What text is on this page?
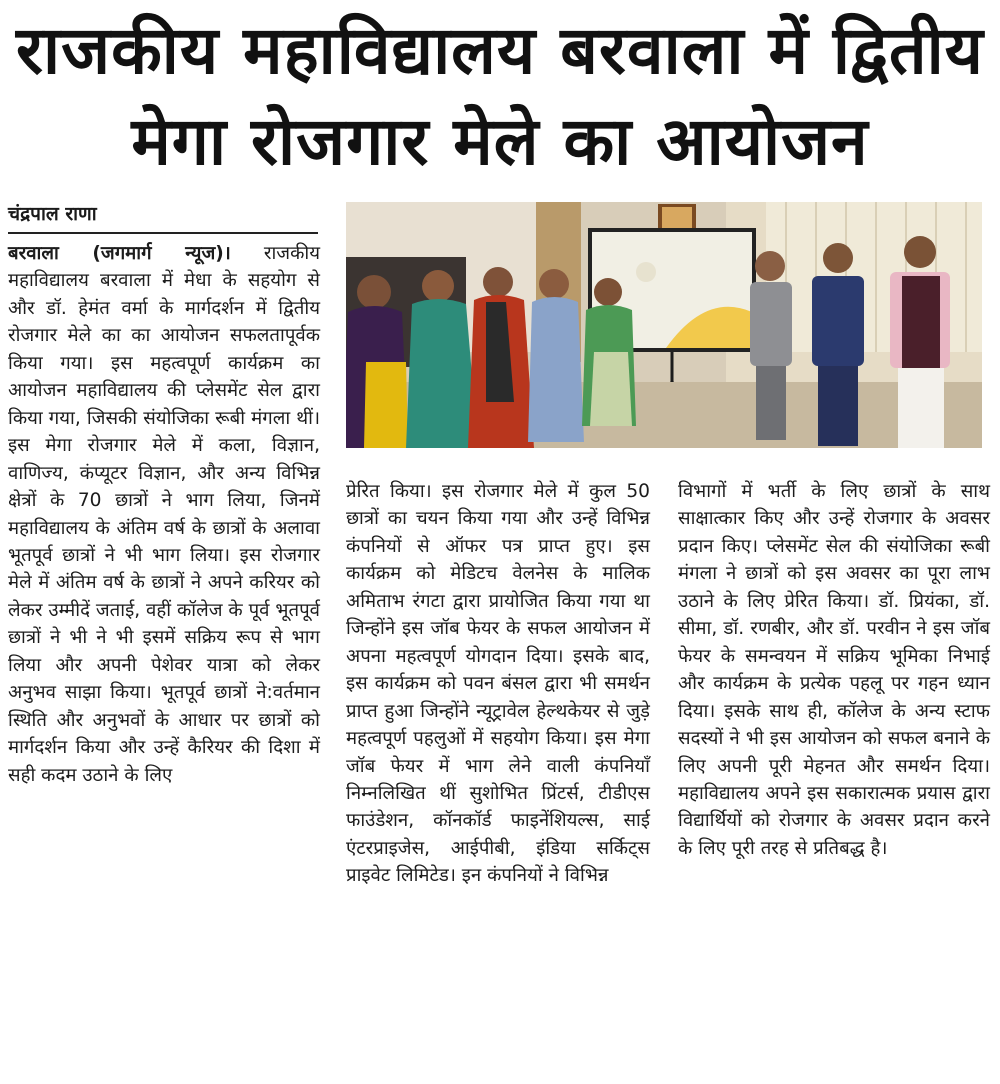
राजकीय महाविद्यालय बरवाला में द्वितीय
मेगा रोजगार मेले का आयोजन
चंद्रपाल राणा
बरवाला (जगमार्ग न्यूज)। राजकीय महाविद्यालय बरवाला में मेधा के सहयोग से और डॉ. हेमंत वर्मा के मार्गदर्शन में द्वितीय रोजगार मेले का का आयोजन सफलतापूर्वक किया गया। इस महत्वपूर्ण कार्यक्रम का आयोजन महाविद्यालय की प्लेसमेंट सेल द्वारा किया गया, जिसकी संयोजिका रूबी मंगला थीं। इस मेगा रोजगार मेले में कला, विज्ञान, वाणिज्य, कंप्यूटर विज्ञान, और अन्य विभिन्न क्षेत्रों के 70 छात्रों ने भाग लिया, जिनमें महाविद्यालय के अंतिम वर्ष के छात्रों के अलावा भूतपूर्व छात्रों ने भी भाग लिया। इस रोजगार मेले में अंतिम वर्ष के छात्रों ने अपने करियर को लेकर उम्मीदें जताई, वहीं कॉलेज के पूर्व भूतपूर्व छात्रों ने भी ने भी इसमें सक्रिय रूप से भाग लिया और अपनी पेशेवर यात्रा को लेकर अनुभव साझा किया। भूतपूर्व छात्रों ने:वर्तमान स्थिति और अनुभवों के आधार पर छात्रों को मार्गदर्शन किया और उन्हें कैरियर की दिशा में सही कदम उठाने के लिए
प्रेरित किया। इस रोजगार मेले में कुल 50 छात्रों का चयन किया गया और उन्हें विभिन्न कंपनियों से ऑफर पत्र प्राप्त हुए। इस कार्यक्रम को मेडिटच वेलनेस के मालिक अमिताभ रंगटा द्वारा प्रायोजित किया गया था जिन्होंने इस जॉब फेयर के सफल आयोजन में अपना महत्वपूर्ण योगदान दिया। इसके बाद, इस कार्यक्रम को पवन बंसल द्वारा भी समर्थन प्राप्त हुआ जिन्होंने न्यूट्रावेल हेल्थकेयर से जुड़े महत्वपूर्ण पहलुओं में सहयोग किया। इस मेगा जॉब फेयर में भाग लेने वाली कंपनियाँ निम्नलिखित थीं सुशोभित प्रिंटर्स, टीडीएस फाउंडेशन, कॉनकॉर्ड फाइनेंशियल्स, साई एंटरप्राइजेस, आईपीबी, इंडिया सर्किट्स प्राइवेट लिमिटेड। इन कंपनियों ने विभिन्न
विभागों में भर्ती के लिए छात्रों के साथ साक्षात्कार किए और उन्हें रोजगार के अवसर प्रदान किए। प्लेसमेंट सेल की संयोजिका रूबी मंगला ने छात्रों को इस अवसर का पूरा लाभ उठाने के लिए प्रेरित किया। डॉ. प्रियंका, डॉ. सीमा, डॉ. रणबीर, और डॉ. परवीन ने इस जॉब फेयर के समन्वयन में सक्रिय भूमिका निभाई और कार्यक्रम के प्रत्येक पहलू पर गहन ध्यान दिया। इसके साथ ही, कॉलेज के अन्य स्टाफ सदस्यों ने भी इस आयोजन को सफल बनाने के लिए अपनी पूरी मेहनत और समर्थन दिया। महाविद्यालय अपने इस सकारात्मक प्रयास द्वारा विद्यार्थियों को रोजगार के अवसर प्रदान करने के लिए पूरी तरह से प्रतिबद्ध है।
